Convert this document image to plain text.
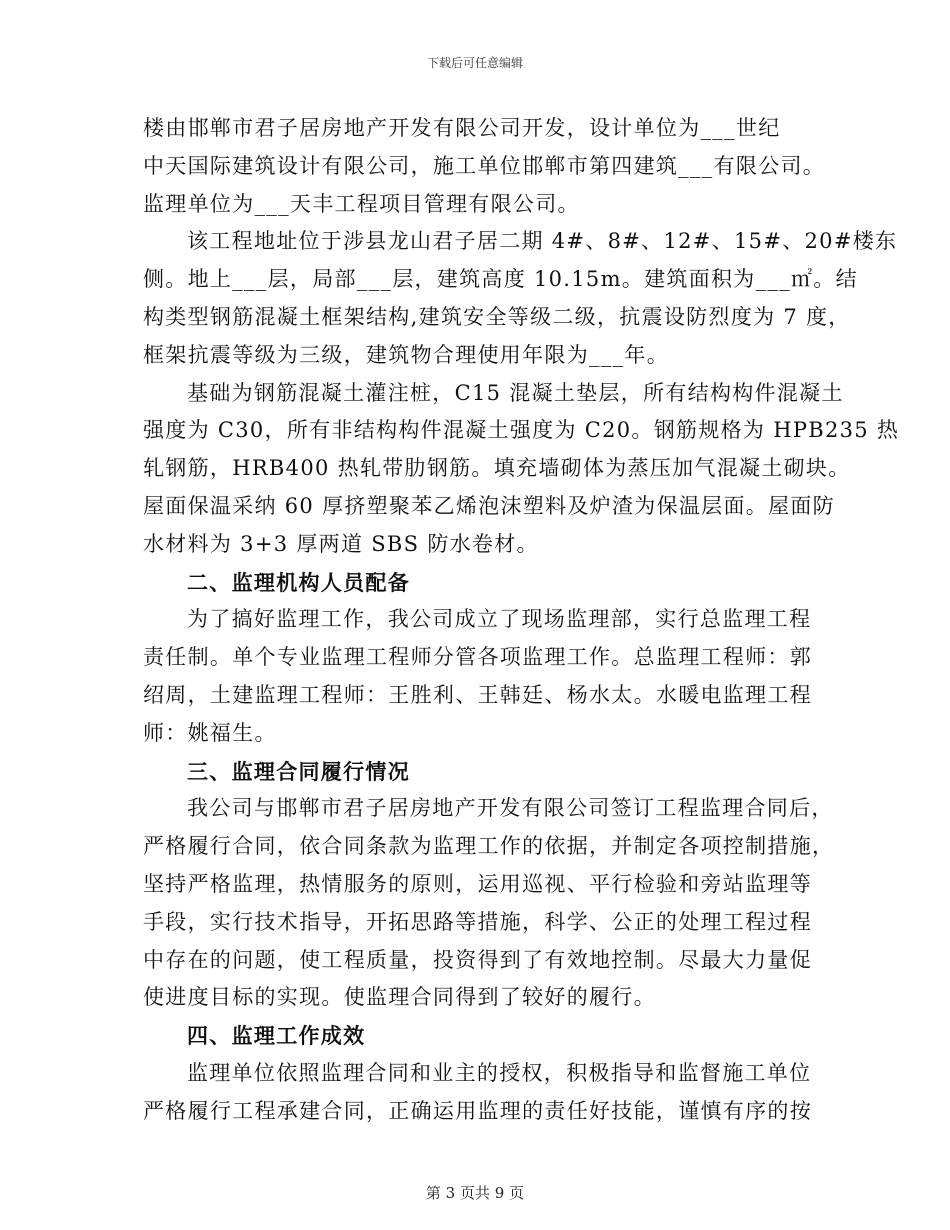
下载后可任意编辑
楼由邯郸市君子居房地产开发有限公司开发，设计单位为___世纪
中天国际建筑设计有限公司，施工单位邯郸市第四建筑___有限公司。
监理单位为___天丰工程项目管理有限公司。
该工程地址位于涉县龙山君子居二期 4#、8#、12#、15#、20#楼东
侧。地上___层，局部___层，建筑高度 10.15m。建筑面积为___㎡。结
构类型钢筋混凝土框架结构,建筑安全等级二级，抗震设防烈度为 7 度，
框架抗震等级为三级，建筑物合理使用年限为___年。
基础为钢筋混凝土灌注桩，C15 混凝土垫层，所有结构构件混凝土
强度为 C30，所有非结构构件混凝土强度为 C20。钢筋规格为 HPB235 热
轧钢筋，HRB400 热轧带肋钢筋。填充墙砌体为蒸压加气混凝土砌块。
屋面保温采纳 60 厚挤塑聚苯乙烯泡沫塑料及炉渣为保温层面。屋面防
水材料为 3+3 厚两道 SBS 防水卷材。
二、监理机构人员配备
为了搞好监理工作，我公司成立了现场监理部，实行总监理工程
责任制。单个专业监理工程师分管各项监理工作。总监理工程师：郭
绍周，土建监理工程师：王胜利、王韩廷、杨水太。水暖电监理工程
师：姚福生。
三、监理合同履行情况
我公司与邯郸市君子居房地产开发有限公司签订工程监理合同后，
严格履行合同，依合同条款为监理工作的依据，并制定各项控制措施，
坚持严格监理，热情服务的原则，运用巡视、平行检验和旁站监理等
手段，实行技术指导，开拓思路等措施，科学、公正的处理工程过程
中存在的问题，使工程质量，投资得到了有效地控制。尽最大力量促
使进度目标的实现。使监理合同得到了较好的履行。
四、监理工作成效
监理单位依照监理合同和业主的授权，积极指导和监督施工单位
严格履行工程承建合同，正确运用监理的责任好技能，谨慎有序的按
第 3 页共 9 页
